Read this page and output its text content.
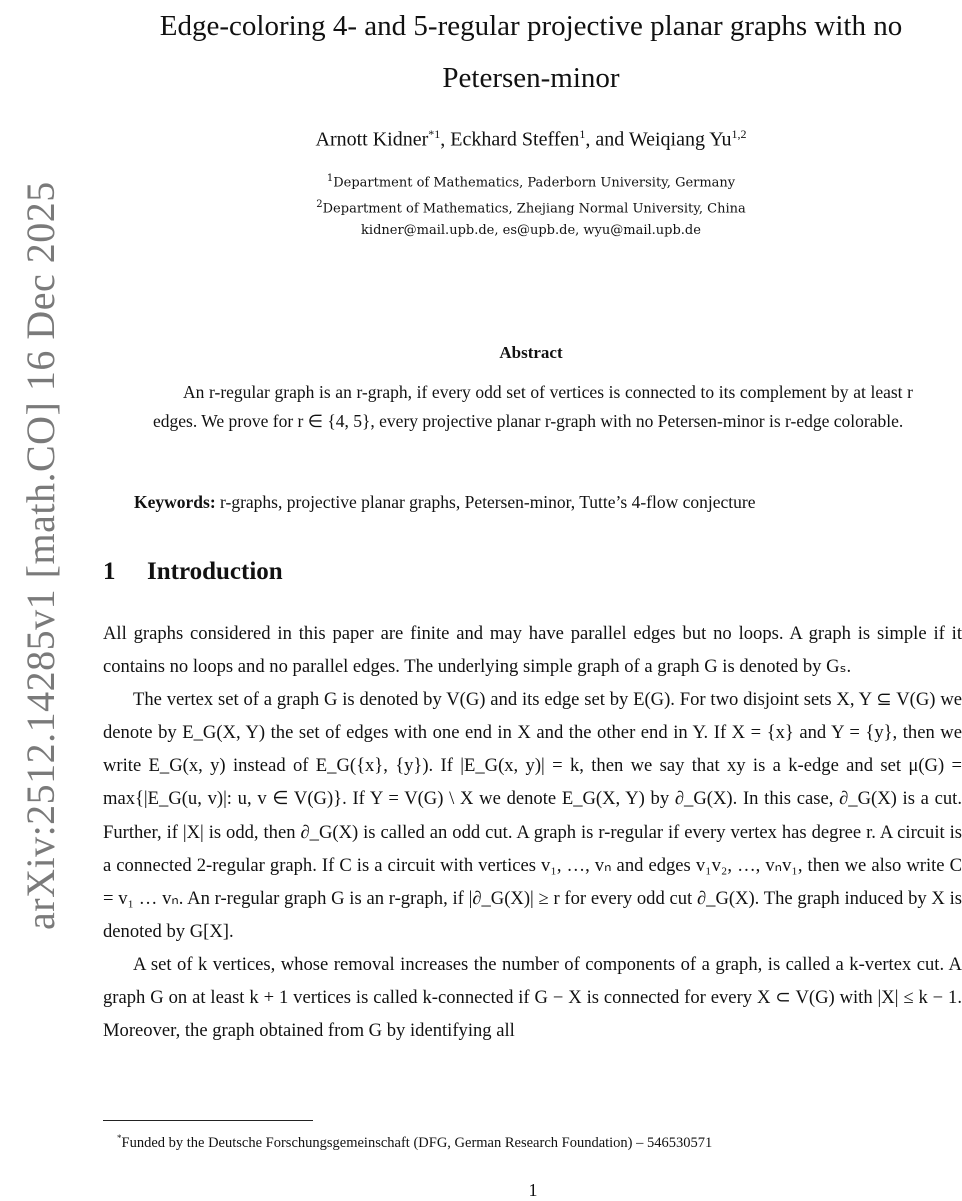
arXiv:2512.14285v1 [math.CO] 16 Dec 2025
Edge-coloring 4- and 5-regular projective planar graphs with no
Petersen-minor
Arnott Kidner$^{*1}$, Eckhard Steffen$^1$, and Weiqiang Yu$^{1,2}$
$^1$Department of Mathematics, Paderborn University, Germany
$^2$Department of Mathematics, Zhejiang Normal University, China
kidner@mail.upb.de, es@upb.de, wyu@mail.upb.de
Abstract
An r-regular graph is an r-graph, if every odd set of vertices is connected to its complement by at least r edges. We prove for r ∈ {4, 5}, every projective planar r-graph with no Petersen-minor is r-edge colorable.
Keywords: r-graphs, projective planar graphs, Petersen-minor, Tutte’s 4-flow conjecture
1 Introduction

All graphs considered in this paper are finite and may have parallel edges but no loops. A graph is simple if it contains no loops and no parallel edges. The underlying simple graph of a graph G is denoted by Gₛ.

The vertex set of a graph G is denoted by V(G) and its edge set by E(G). For two disjoint sets X, Y ⊆ V(G) we denote by E_G(X, Y) the set of edges with one end in X and the other end in Y. If X = {x} and Y = {y}, then we write E_G(x, y) instead of E_G({x}, {y}). If |E_G(x, y)| = k, then we say that xy is a k-edge and set μ(G) = max{|E_G(u, v)|: u, v ∈ V(G)}. If Y = V(G) \ X we denote E_G(X, Y) by ∂_G(X). In this case, ∂_G(X) is a cut. Further, if |X| is odd, then ∂_G(X) is called an odd cut. A graph is r-regular if every vertex has degree r. A circuit is a connected 2-regular graph. If C is a circuit with vertices v₁, …, vₙ and edges v₁v₂, …, vₙv₁, then we also write C = v₁ … vₙ. An r-regular graph G is an r-graph, if |∂_G(X)| ≥ r for every odd cut ∂_G(X). The graph induced by X is denoted by G[X].

A set of k vertices, whose removal increases the number of components of a graph, is called a k-vertex cut. A graph G on at least k + 1 vertices is called k-connected if G − X is connected for every X ⊂ V(G) with |X| ≤ k − 1. Moreover, the graph obtained from G by identifying all

*Funded by the Deutsche Forschungsgemeinschaft (DFG, German Research Foundation) – 546530571
1
